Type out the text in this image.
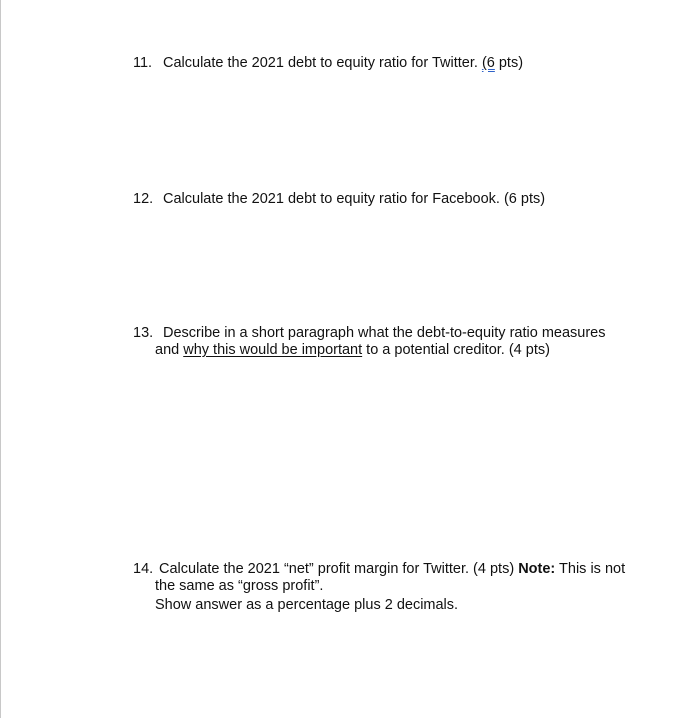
11. Calculate the 2021 debt to equity ratio for Twitter. (6 pts)
12. Calculate the 2021 debt to equity ratio for Facebook. (6 pts)
13. Describe in a short paragraph what the debt-to-equity ratio measures
and why this would be important to a potential creditor. (4 pts)
14. Calculate the 2021 “net” profit margin for Twitter. (4 pts) Note: This is not
the same as “gross profit”.
Show answer as a percentage plus 2 decimals.
